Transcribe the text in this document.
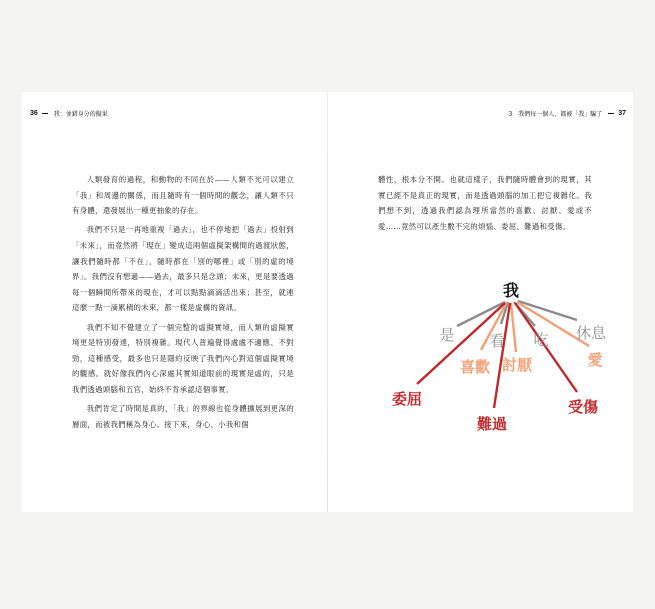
36	我：並錯身分的擬果	3　我們每一個人，都被「我」騙了 37

人類發育的過程，和動物的不同在於——人類不光可以建立「我」和周邊的關係，而且隨時有一個時間的觀念，讓人類不只有身體，還發展出一種更抽象的存在。

我們不只是一再地重複「過去」，也不停地把「過去」投射到「未來」，而竟然將「現在」變成這兩個虛擬架構間的過渡狀態，讓我們隨時都「不在」，隨時都在「別的哪裡」或「別的虛的境界」。我們沒有想過——過去，最多只是念頭；未來，更是要透過每一個瞬間所帶來的現在，才可以點點滴滴活出來；甚至，就連這麼一點一滴累積的未來，都一樣是虛構的資訊。

我們不知不覺建立了一個完整的虛擬實境，而人類的虛擬實境更是特別發達，特別複雜。現代人普遍覺得處處不適應、不對勁，這種感受，最多也只是隱約反映了我們內心對這個虛擬實境的觀感。就好像我們內心深處其實知道眼前的現實是虛的，只是我們透過頭腦和五官，始終不肯承認這個事實。

我們肯定了時間是真的，「我」的界線也從身體擴展到更深的層面，而被我們稱為身心。接下來，身心、小我和個

體性，根本分不開。也就這樣子，我們隨時體會到的現實，其實已經不是真正的現實，而是透過頭腦的加工把它複雜化。我們想不到，透過我們認為理所當然的喜歡、討厭、愛或不愛……竟然可以產生數不完的煩惱、委屈、難過和受傷。

我
是 看 吃 休息
喜歡 討厭	愛
委屈
難過
受傷
